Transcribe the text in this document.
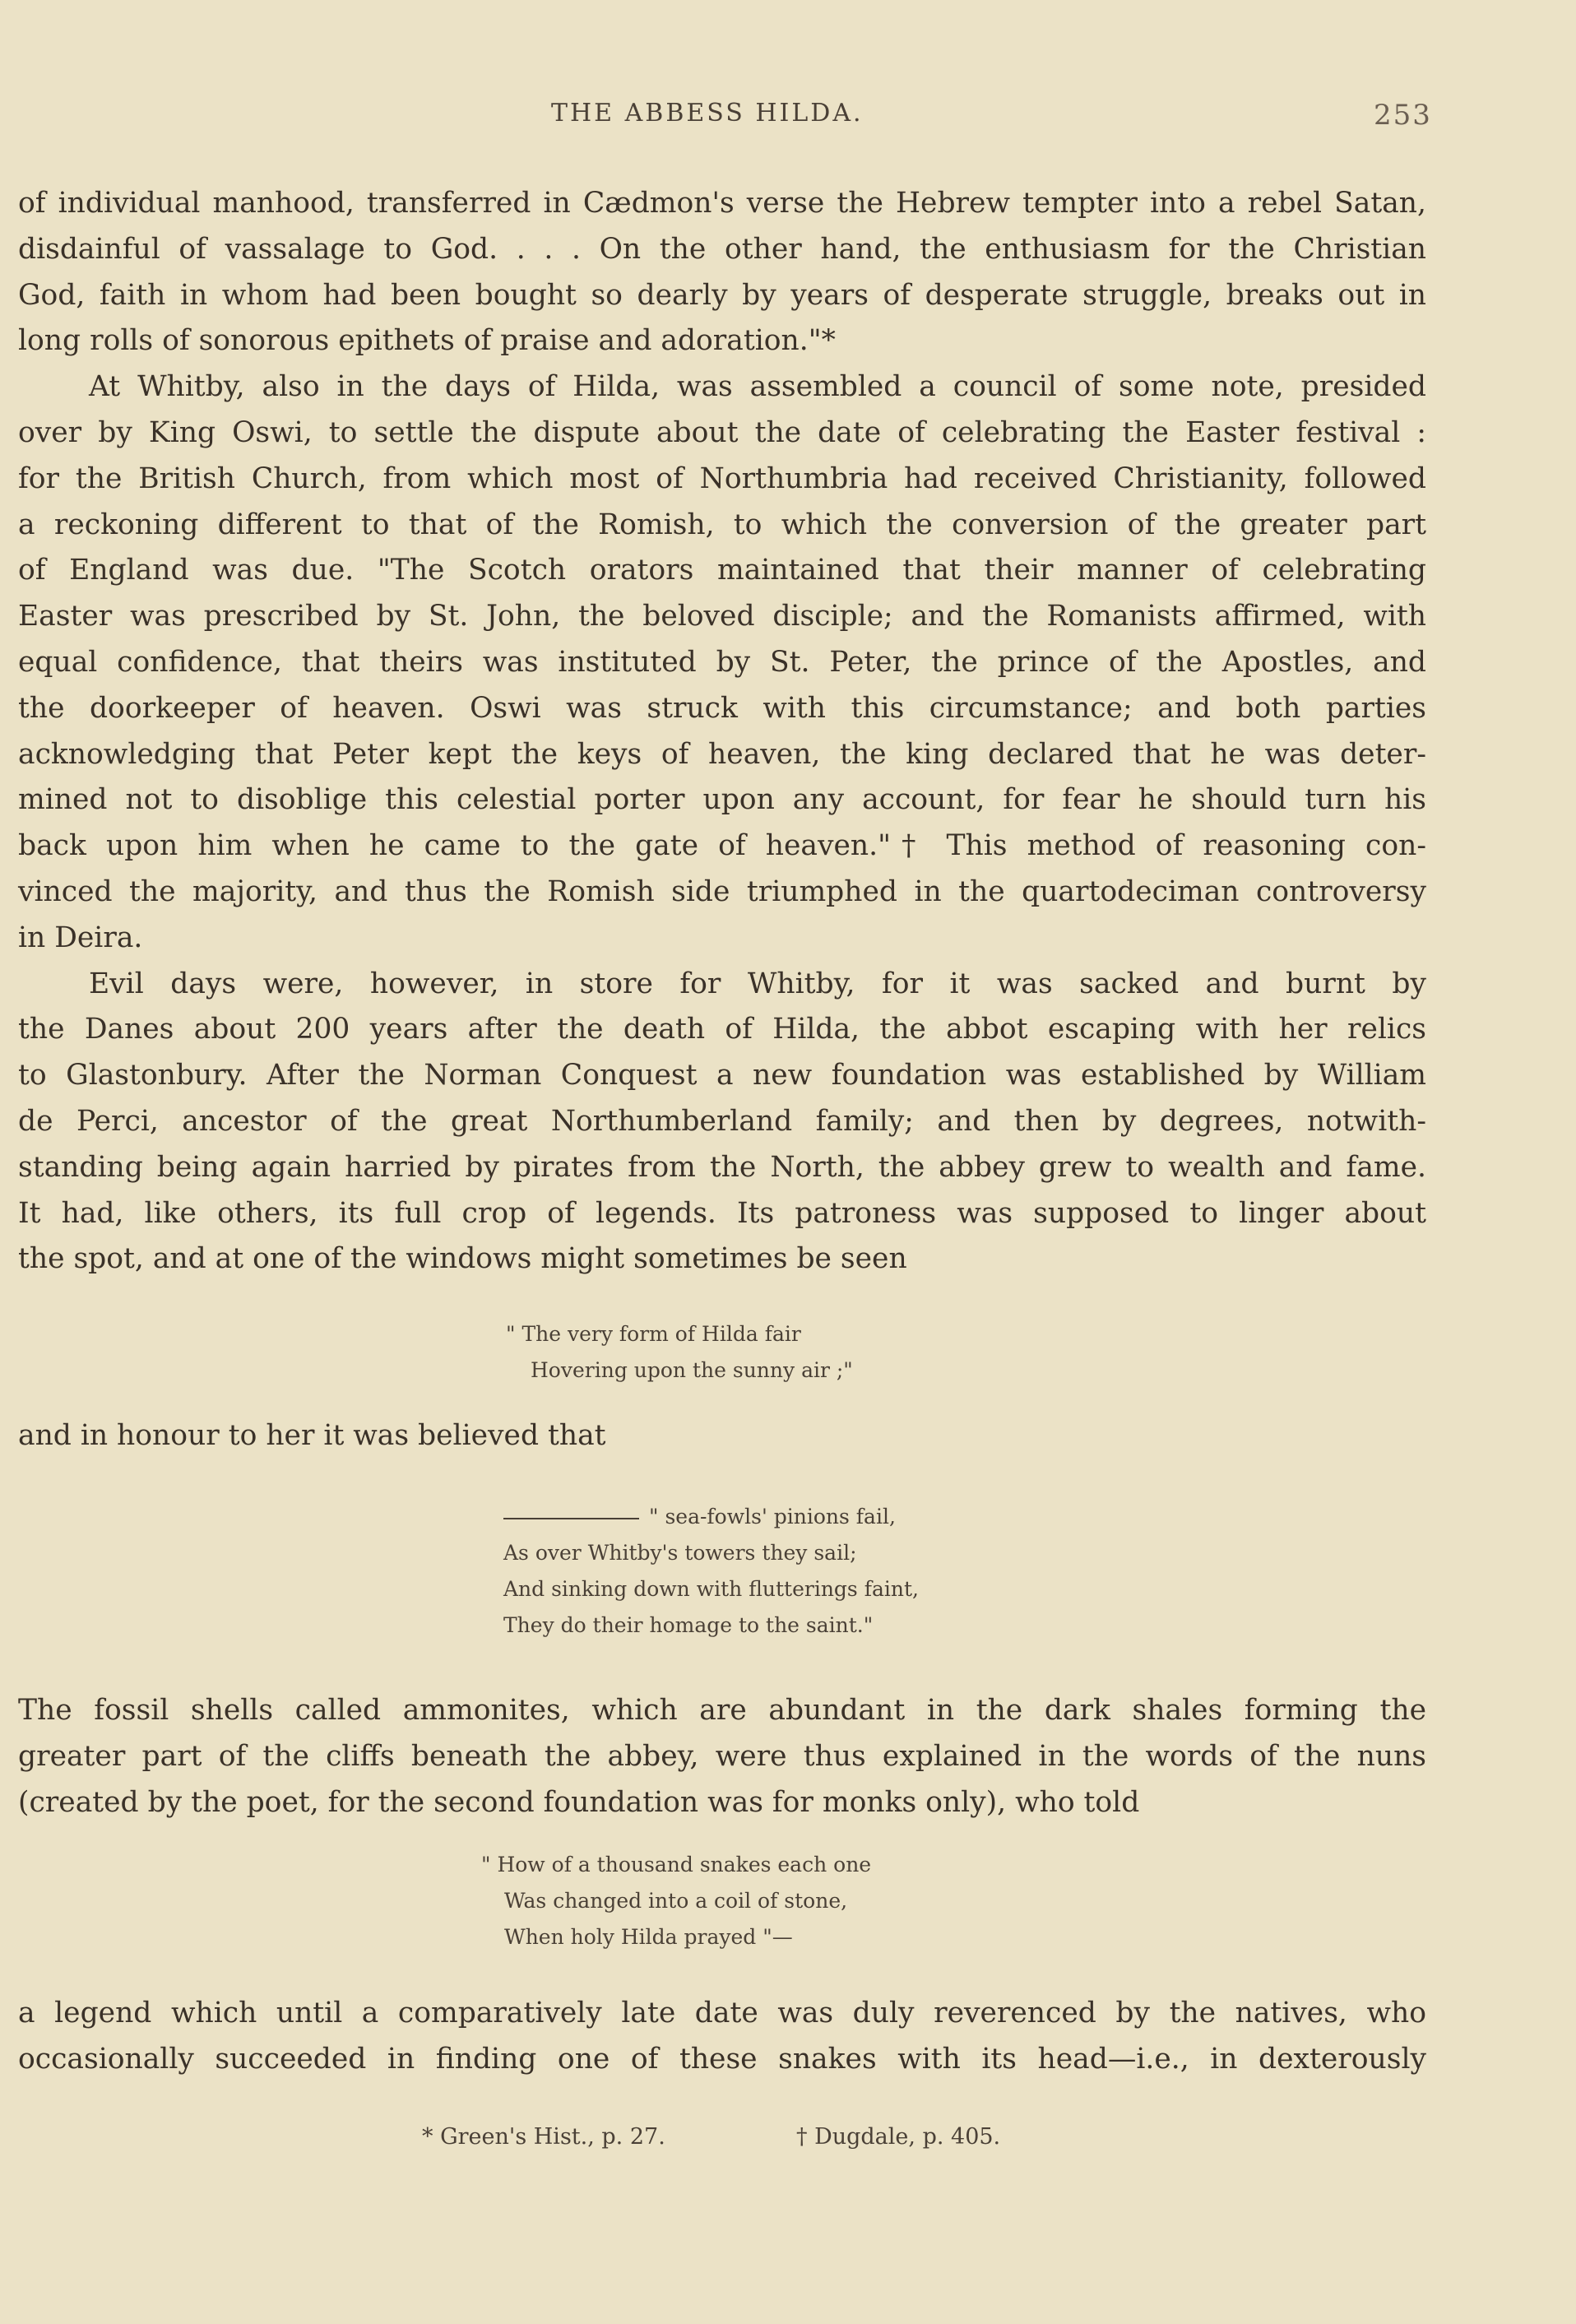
THE ABBESS HILDA.	253
of individual manhood, transferred in Cædmon's verse the Hebrew tempter into a rebel Satan,
disdainful of vassalage to God. . . . On the other hand, the enthusiasm for the Christian
God, faith in whom had been bought so dearly by years of desperate struggle, breaks out in
long rolls of sonorous epithets of praise and adoration."*
At Whitby, also in the days of Hilda, was assembled a council of some note, presided
over by King Oswi, to settle the dispute about the date of celebrating the Easter festival :
for the British Church, from which most of Northumbria had received Christianity, followed
a reckoning different to that of the Romish, to which the conversion of the greater part
of England was due. "The Scotch orators maintained that their manner of celebrating
Easter was prescribed by St. John, the beloved disciple; and the Romanists affirmed, with
equal confidence, that theirs was instituted by St. Peter, the prince of the Apostles, and
the doorkeeper of heaven. Oswi was struck with this circumstance; and both parties
acknowledging that Peter kept the keys of heaven, the king declared that he was deter-
mined not to disoblige this celestial porter upon any account, for fear he should turn his
back upon him when he came to the gate of heaven."† This method of reasoning con-
vinced the majority, and thus the Romish side triumphed in the quartodeciman controversy
in Deira.
Evil days were, however, in store for Whitby, for it was sacked and burnt by
the Danes about 200 years after the death of Hilda, the abbot escaping with her relics
to Glastonbury. After the Norman Conquest a new foundation was established by William
de Perci, ancestor of the great Northumberland family; and then by degrees, notwith-
standing being again harried by pirates from the North, the abbey grew to wealth and fame.
It had, like others, its full crop of legends. Its patroness was supposed to linger about
the spot, and at one of the windows might sometimes be seen
" The very form of Hilda fair
Hovering upon the sunny air ;"
and in honour to her it was believed that
" sea-fowls' pinions fail,
As over Whitby's towers they sail;
And sinking down with flutterings faint,
They do their homage to the saint."
The fossil shells called ammonites, which are abundant in the dark shales forming the
greater part of the cliffs beneath the abbey, were thus explained in the words of the nuns
(created by the poet, for the second foundation was for monks only), who told
" How of a thousand snakes each one
Was changed into a coil of stone,
When holy Hilda prayed "—
a legend which until a comparatively late date was duly reverenced by the natives, who
occasionally succeeded in finding one of these snakes with its head—i.e., in dexterously
* Green's Hist., p. 27.	† Dugdale, p. 405.
